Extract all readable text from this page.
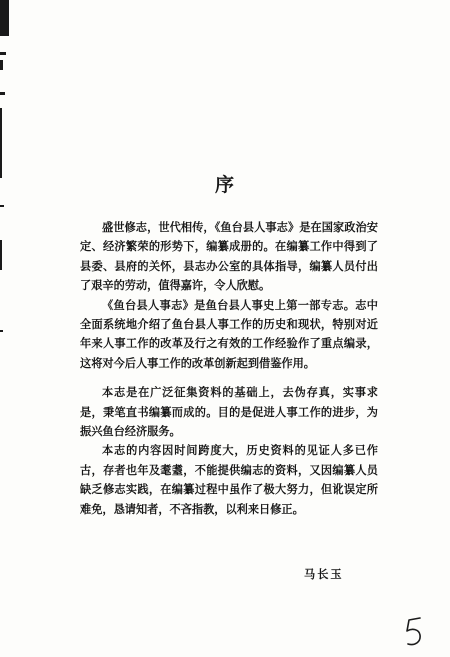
序

盛世修志，世代相传，《鱼台县人事志》是在国家政治安定、经济繁荣的形势下，编纂成册的。在编纂工作中得到了县委、县府的关怀，县志办公室的具体指导，编纂人员付出了艰辛的劳动，值得嘉许，令人欣慰。

《鱼台县人事志》是鱼台县人事史上第一部专志。志中全面系统地介绍了鱼台县人事工作的历史和现状，特别对近年来人事工作的改革及行之有效的工作经验作了重点编录，这将对今后人事工作的改革创新起到借鉴作用。

本志是在广泛征集资料的基础上，去伪存真，实事求是，秉笔直书编纂而成的。目的是促进人事工作的进步，为振兴鱼台经济服务。

本志的内容因时间跨度大，历史资料的见证人多已作古，存者也年及耄耋，不能提供编志的资料，又因编纂人员缺乏修志实践，在编纂过程中虽作了极大努力，但讹误定所难免，恳请知者，不吝指教，以利来日修正。

马长玉
